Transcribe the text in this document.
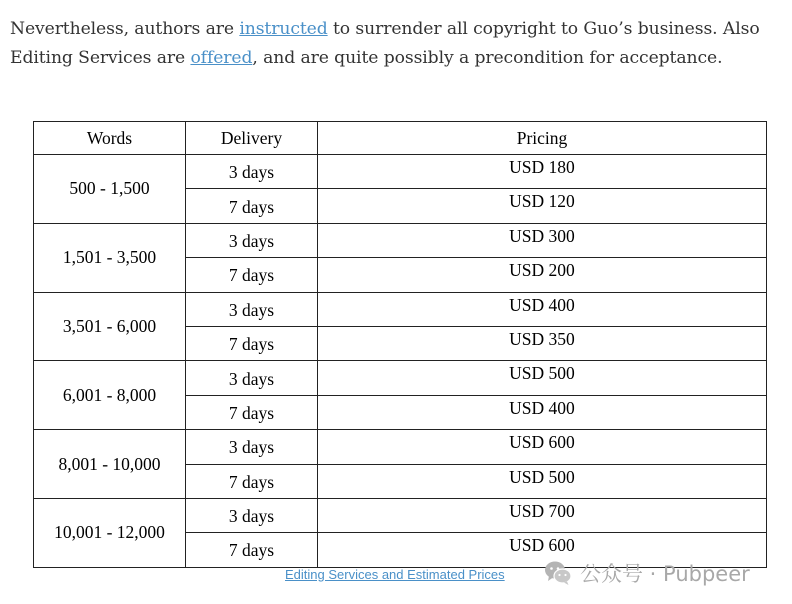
Nevertheless, authors are instructed to surrender all copyright to Guo’s business. Also
Editing Services are offered, and are quite possibly a precondition for acceptance.

Words	Delivery	Pricing
500 - 1,500	3 days	USD 180
	7 days	USD 120
1,501 - 3,500	3 days	USD 300
	7 days	USD 200
3,501 - 6,000	3 days	USD 400
	7 days	USD 350
6,001 - 8,000	3 days	USD 500
	7 days	USD 400
8,001 - 10,000	3 days	USD 600
	7 days	USD 500
10,001 - 12,000	3 days	USD 700
	7 days	USD 600
Editing Services and Estimated Prices	公众号 · Pubpeer
